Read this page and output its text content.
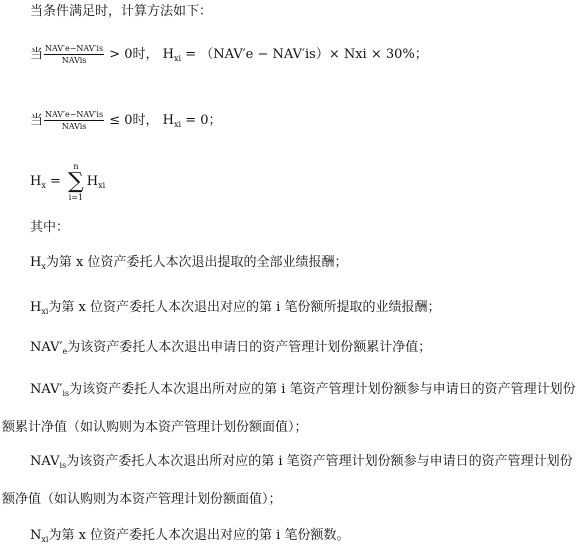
当条件满足时，计算方法如下：
当 $\frac{\text{NAV′e−NAV′is}}{\text{NAVis}} > 0$时， $H_{xi} = (NAV'e - NAV'is)\times$ Nxi × 30%；
当 $\frac{\text{NAV′e−NAV′is}}{\text{NAVis}} \le 0$时， $H_{xi} = 0$；
$H_x$ =
n
∑
i=1
$H_{xi}$
其中：
$H_x$为第 x 位资产委托人本次退出提取的全部业绩报酬；
$H_{xi}$为第 x 位资产委托人本次退出对应的第 i 笔份额所提取的业绩报酬；
$NAV'_e$为该资产委托人本次退出申请日的资产管理计划份额累计净值；
$NAV'_{is}$为该资产委托人本次退出所对应的第 i 笔资产管理计划份额参与申请日的资产管理计划份额累计净值（如认购则为本资产管理计划份额面值）；
$NAV_{is}$为该资产委托人本次退出所对应的第 i 笔资产管理计划份额参与申请日的资产管理计划份额净值（如认购则为本资产管理计划份额面值）；
$N_{xi}$为第 x 位资产委托人本次退出对应的第 i 笔份额数。
